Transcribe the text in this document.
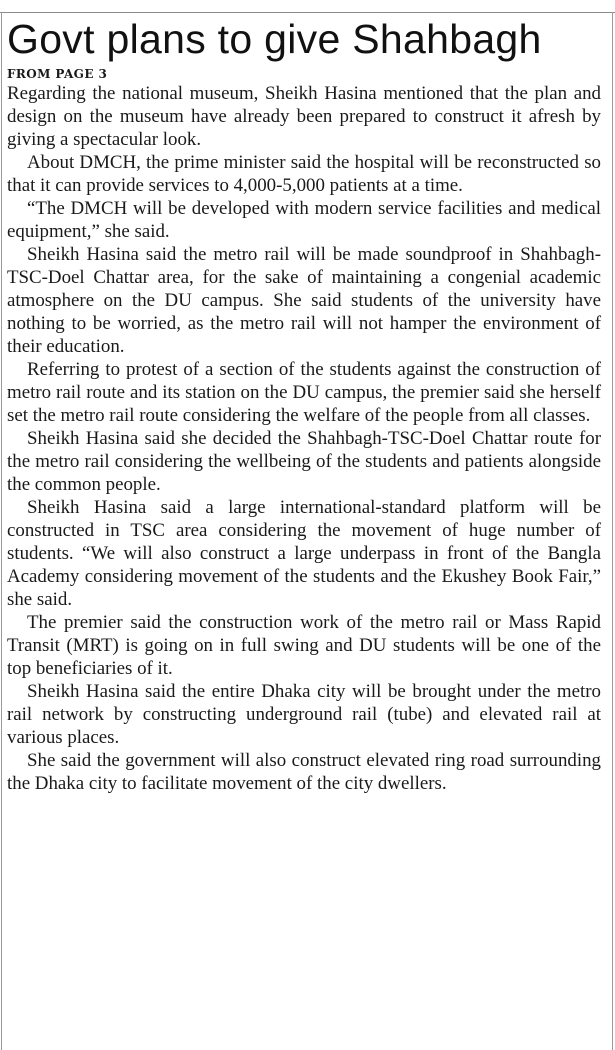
Govt plans to give Shahbagh
FROM PAGE 3

Regarding the national museum, Sheikh Hasina mentioned that the plan and design on the museum have already been prepared to construct it afresh by giving a spectacular look.

About DMCH, the prime minister said the hospital will be reconstructed so that it can provide services to 4,000-5,000 patients at a time.

“The DMCH will be developed with modern service facilities and medical equipment,” she said.

Sheikh Hasina said the metro rail will be made soundproof in Shahbagh-TSC-Doel Chattar area, for the sake of maintaining a congenial academic atmosphere on the DU campus. She said students of the university have nothing to be worried, as the metro rail will not hamper the environment of their education.

Referring to protest of a section of the students against the construction of metro rail route and its station on the DU campus, the premier said she herself set the metro rail route considering the welfare of the people from all classes.

Sheikh Hasina said she decided the Shahbagh-TSC-Doel Chattar route for the metro rail considering the wellbeing of the students and patients alongside the common people.

Sheikh Hasina said a large international-standard platform will be constructed in TSC area considering the movement of huge number of students. “We will also construct a large underpass in front of the Bangla Academy considering movement of the students and the Ekushey Book Fair,” she said.

The premier said the construction work of the metro rail or Mass Rapid Transit (MRT) is going on in full swing and DU students will be one of the top beneficiaries of it.

Sheikh Hasina said the entire Dhaka city will be brought under the metro rail network by constructing underground rail (tube) and elevated rail at various places.

She said the government will also construct elevated ring road surrounding the Dhaka city to facilitate movement of the city dwellers.
